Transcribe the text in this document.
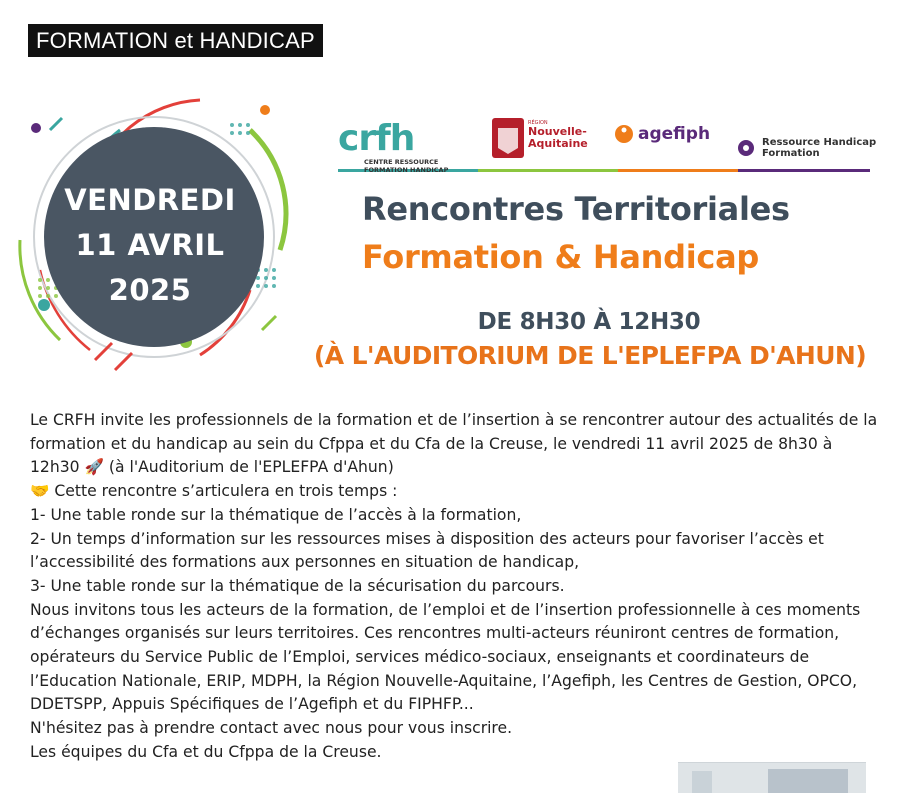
FORMATION et HANDICAP
VENDREDI
11 AVRIL
2025
crfh
CENTRE RESSOURCE
FORMATION HANDICAP
RÉGION
Nouvelle-
Aquitaine	agefiph	Ressource Handicap
Formation
Rencontres Territoriales
Formation & Handicap
DE 8H30 À 12H30
(À L'AUDITORIUM DE L'EPLEFPA D'AHUN)

Le CRFH invite les professionnels de la formation et de l’insertion à se rencontrer autour des actualités de la formation et du handicap au sein du Cfppa et du Cfa de la Creuse, le vendredi 11 avril 2025 de 8h30 à 12h30 🚀 (à l'Auditorium de l'EPLEFPA d'Ahun)

🤝 Cette rencontre s’articulera en trois temps :

1- Une table ronde sur la thématique de l’accès à la formation,

2- Un temps d’information sur les ressources mises à disposition des acteurs pour favoriser l’accès et l’accessibilité des formations aux personnes en situation de handicap,

3- Une table ronde sur la thématique de la sécurisation du parcours.

Nous invitons tous les acteurs de la formation, de l’emploi et de l’insertion professionnelle à ces moments d’échanges organisés sur leurs territoires. Ces rencontres multi-acteurs réuniront centres de formation, opérateurs du Service Public de l’Emploi, services médico-sociaux, enseignants et coordinateurs de l’Education Nationale, ERIP, MDPH, la Région Nouvelle-Aquitaine, l’Agefiph, les Centres de Gestion, OPCO, DDETSPP, Appuis Spécifiques de l’Agefiph et du FIPHFP...

N'hésitez pas à prendre contact avec nous pour vous inscrire.

Les équipes du Cfa et du Cfppa de la Creuse.
